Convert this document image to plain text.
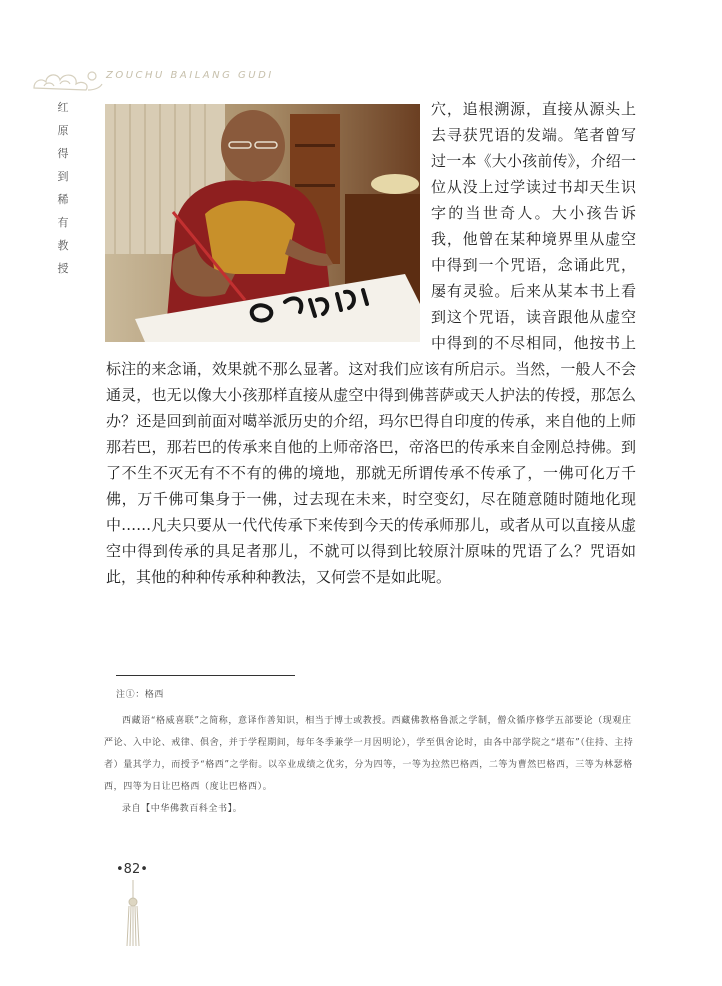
ZOUCHU BAILANG GUDI
红
原
得
到
稀
有
教
授
穴，追根溯源，直接从源头上去寻获咒语的发端。笔者曾写过一本《大小孩前传》，介绍一位从没上过学读过书却天生识字的当世奇人。大小孩告诉我，他曾在某种境界里从虚空中得到一个咒语，念诵此咒，屡有灵验。后来从某本书上看到这个咒语，读音跟他从虚空中得到的不尽相同，他按书上标注的来念诵，效果就不那么显著。这对我们应该有所启示。当然，一般人不会通灵，也无以像大小孩那样直接从虚空中得到佛菩萨或天人护法的传授，那怎么办？还是回到前面对噶举派历史的介绍，玛尔巴得自印度的传承，来自他的上师那若巴，那若巴的传承来自他的上师帝洛巴，帝洛巴的传承来自金刚总持佛。到了不生不灭无有不不有的佛的境地，那就无所谓传承不传承了，一佛可化万千佛，万千佛可集身于一佛，过去现在未来，时空变幻，尽在随意随时随地化现中……凡夫只要从一代代传承下来传到今天的传承师那儿，或者从可以直接从虚空中得到传承的具足者那儿，不就可以得到比较原汁原味的咒语了么？咒语如此，其他的种种传承种种教法，又何尝不是如此呢。

注①：格西

西藏语“格威喜联”之简称，意译作善知识，相当于博士或教授。西藏佛教格鲁派之学制，僧众循序修学五部要论（现观庄严论、入中论、戒律、俱舍，并于学程期间，每年冬季兼学一月因明论），学至俱舍论时，由各中部学院之“堪布”（住持、主持者）量其学力，而授予“格西”之学衔。以卒业成绩之优劣，分为四等，一等为拉然巴格西，二等为曹然巴格西，三等为林瑟格西，四等为日让巴格西（度让巴格西）。

录自【中华佛教百科全书】。

•82•
